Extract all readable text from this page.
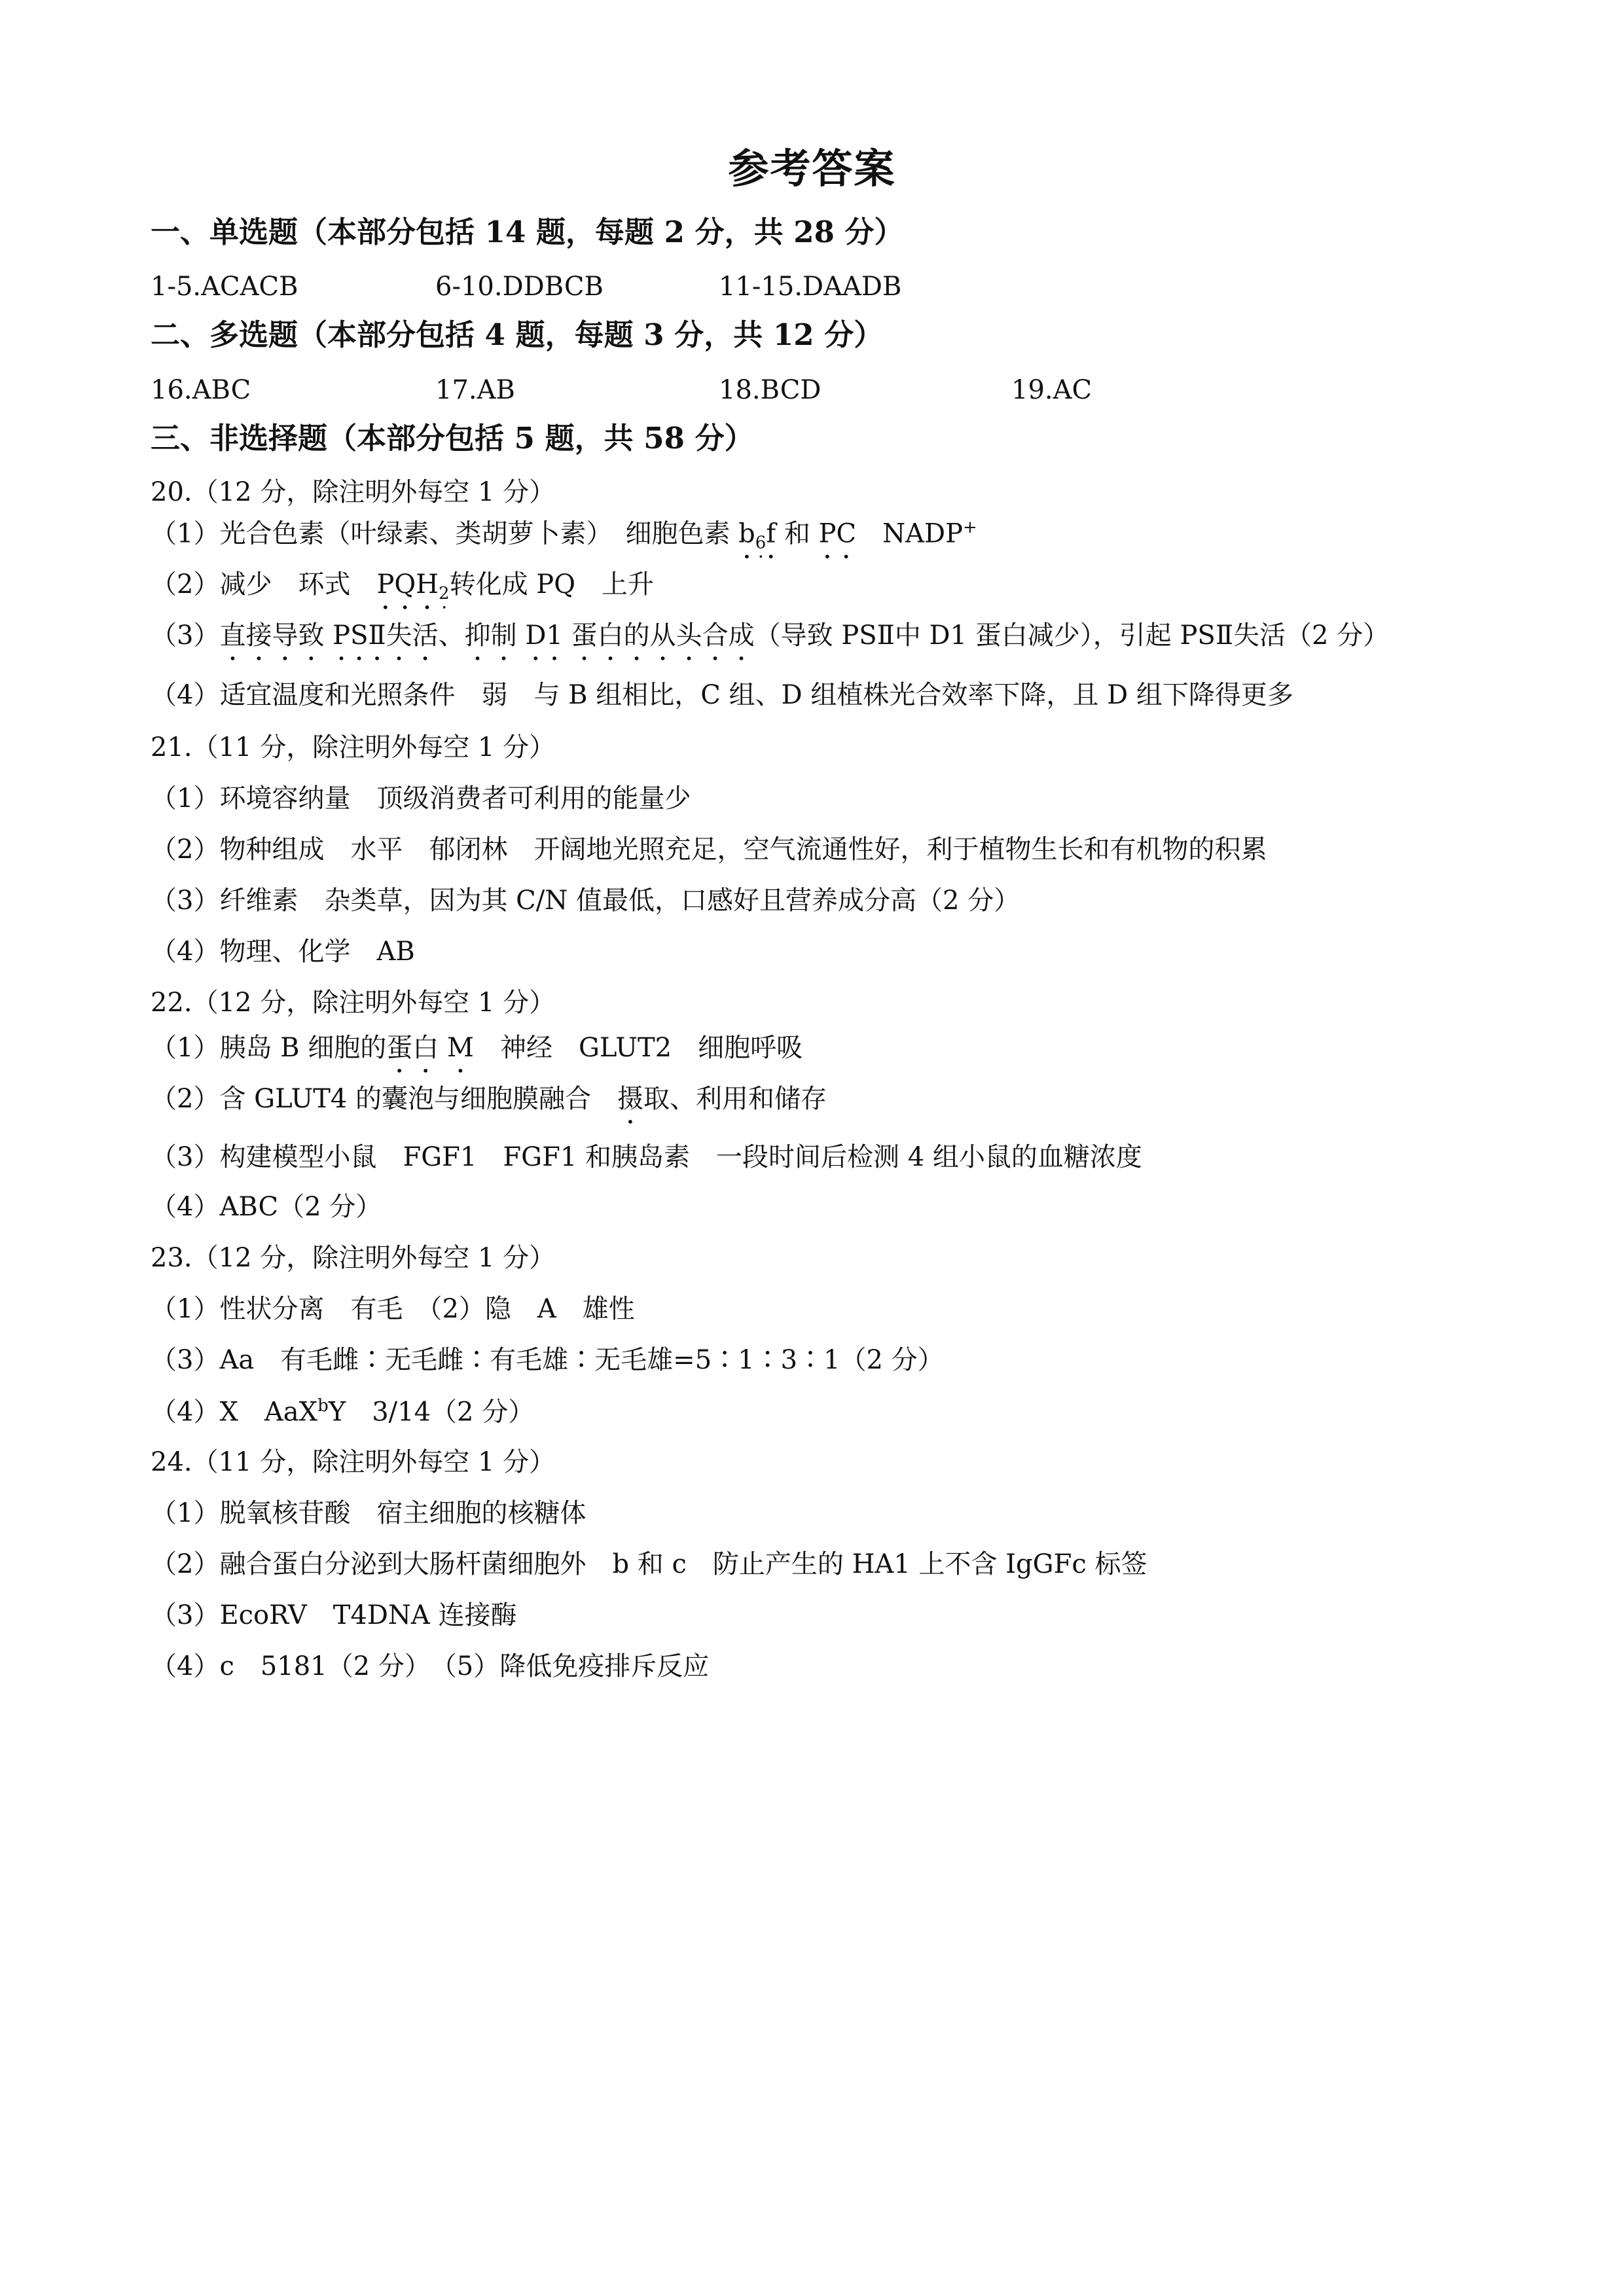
参考答案
一、单选题（本部分包括 14 题，每题 2 分，共 28 分）
1-5.ACACB	6-10.DDBCB	11-15.DAADB
二、多选题（本部分包括 4 题，每题 3 分，共 12 分）
16.ABC	17.AB	18.BCD	19.AC
三、非选择题（本部分包括 5 题，共 58 分）
20.（12 分，除注明外每空 1 分）
（1）光合色素（叶绿素、类胡萝卜素）　细胞色素 $b_6f$ 和 PC　NADP+
（2）减少　环式　$PQH_2$转化成 PQ　上升
（3）直接导致 PSⅡ失活、抑制 D1 蛋白的从头合成（导致 PSⅡ中 D1 蛋白减少），引起 PSⅡ失活（2 分）
（4）适宜温度和光照条件　弱　与 B 组相比，C 组、D 组植株光合效率下降，且 D 组下降得更多
21.（11 分，除注明外每空 1 分）
（1）环境容纳量　顶级消费者可利用的能量少
（2）物种组成　水平　郁闭林　开阔地光照充足，空气流通性好，利于植物生长和有机物的积累
（3）纤维素　杂类草，因为其 C/N 值最低，口感好且营养成分高（2 分）
（4）物理、化学　AB
22.（12 分，除注明外每空 1 分）
（1）胰岛 B 细胞的蛋白 M　神经　GLUT2　细胞呼吸
（2）含 GLUT4 的囊泡与细胞膜融合　摄取、利用和储存
（3）构建模型小鼠　FGF1　FGF1 和胰岛素　一段时间后检测 4 组小鼠的血糖浓度
（4）ABC（2 分）
23.（12 分，除注明外每空 1 分）
（1）性状分离　有毛　（2）隐　A　雄性
（3）Aa　有毛雌∶无毛雌∶有毛雄∶无毛雄=5∶1∶3∶1（2 分）
（4）X　AaX$^b$Y　3/14（2 分）
24.（11 分，除注明外每空 1 分）
（1）脱氧核苷酸　宿主细胞的核糖体
（2）融合蛋白分泌到大肠杆菌细胞外　b 和 c　防止产生的 HA1 上不含 IgGFc 标签
（3）EcoRV　T4DNA 连接酶
（4）c　5181（2 分）　（5）降低免疫排斥反应
